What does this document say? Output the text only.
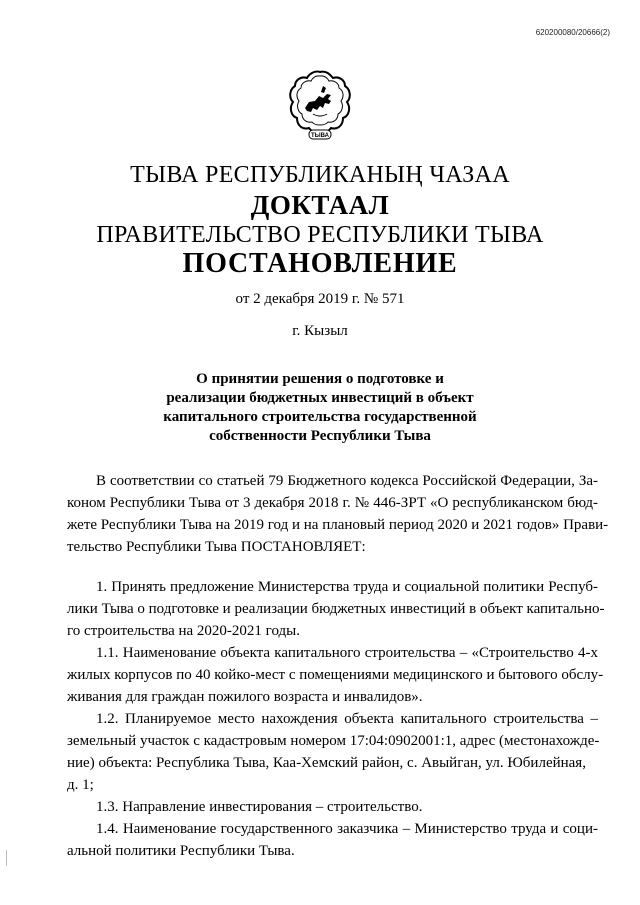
620200080/20666(2)
ТЫВА
ТЫВА РЕСПУБЛИКАНЫҢ ЧАЗАА
ДОКТААЛ
ПРАВИТЕЛЬСТВО РЕСПУБЛИКИ ТЫВА
ПОСТАНОВЛЕНИЕ
от 2 декабря 2019 г. № 571
г. Кызыл
О принятии решения о подготовке и
реализации бюджетных инвестиций в объект
капитального строительства государственной
собственности Республики Тыва
В соответствии со статьей 79 Бюджетного кодекса Российской Федерации, За-
коном Республики Тыва от 3 декабря 2018 г. № 446-ЗРТ «О республиканском бюд-
жете Республики Тыва на 2019 год и на плановый период 2020 и 2021 годов» Прави-
тельство Республики Тыва ПОСТАНОВЛЯЕТ:
1. Принять предложение Министерства труда и социальной политики Респуб-
лики Тыва о подготовке и реализации бюджетных инвестиций в объект капитально-
го строительства на 2020-2021 годы.
1.1. Наименование объекта капитального строительства – «Строительство 4-х
жилых корпусов по 40 койко-мест с помещениями медицинского и бытового обслу-
живания для граждан пожилого возраста и инвалидов».
1.2. Планируемое место нахождения объекта капитального строительства –
земельный участок с кадастровым номером 17:04:0902001:1, адрес (местонахожде-
ние) объекта: Республика Тыва, Каа-Хемский район, с. Авыйган, ул. Юбилейная,
д. 1;
1.3. Направление инвестирования – строительство.
1.4. Наименование государственного заказчика – Министерство труда и соци-
альной политики Республики Тыва.
